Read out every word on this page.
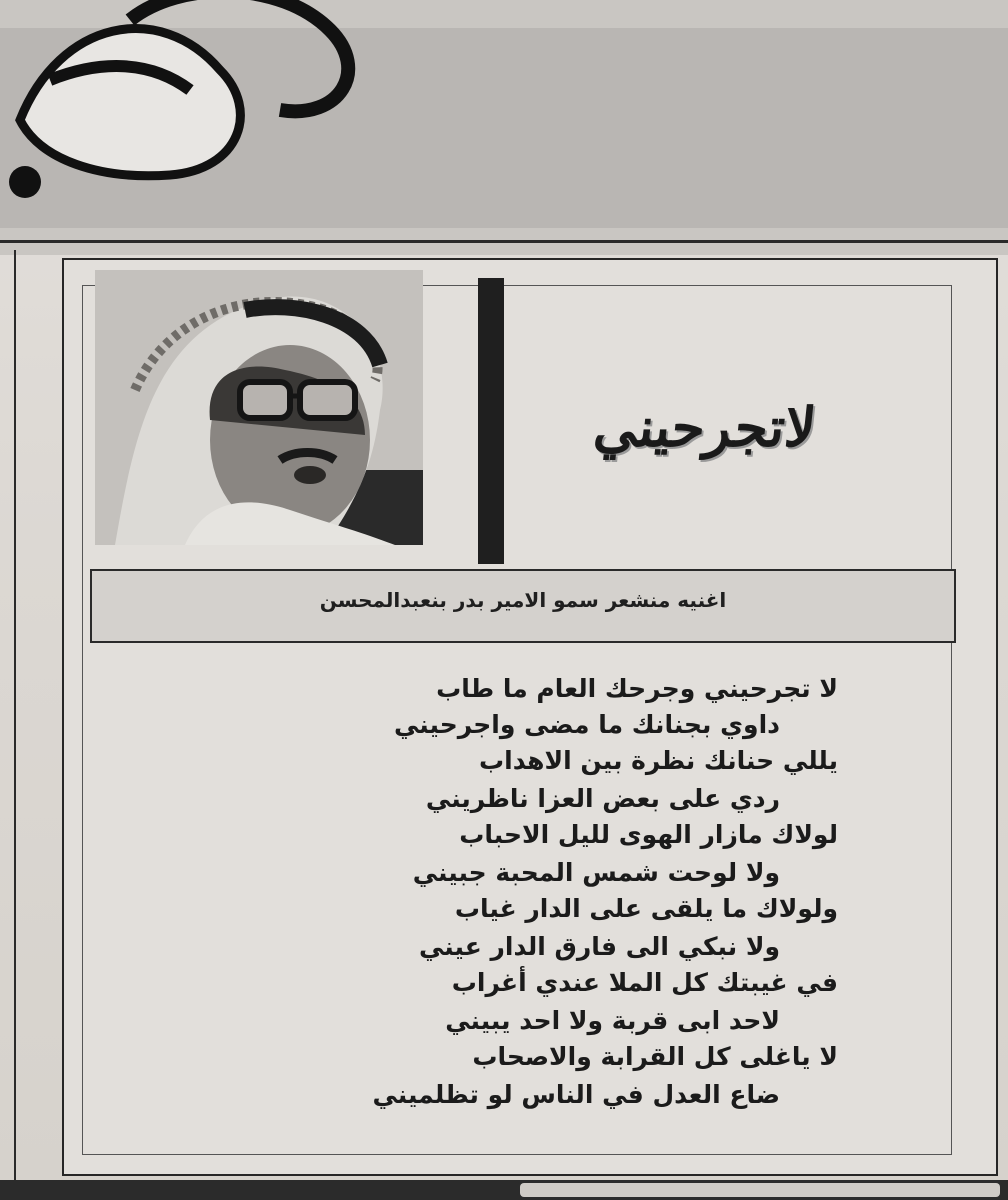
لاتجرحيني
اغنيه منشعر سمو الامير بدر بنعبدالمحسن
لا تجرحيني وجرحك العام ما طاب
داوي بجنانك ما مضى واجرحيني
يللي حنانك نظرة بين الاهداب
ردي على بعض العزا ناظريني
لولاك مازار الهوى لليل الاحباب
ولا لوحت شمس المحبة جبيني
ولولاك ما يلقى على الدار غياب
ولا نبكي الى فارق الدار عيني
في غيبتك كل الملا عندي أغراب
لاحد ابى قربة ولا احد يبيني
لا ياغلى كل القرابة والاصحاب
ضاع العدل في الناس لو تظلميني
